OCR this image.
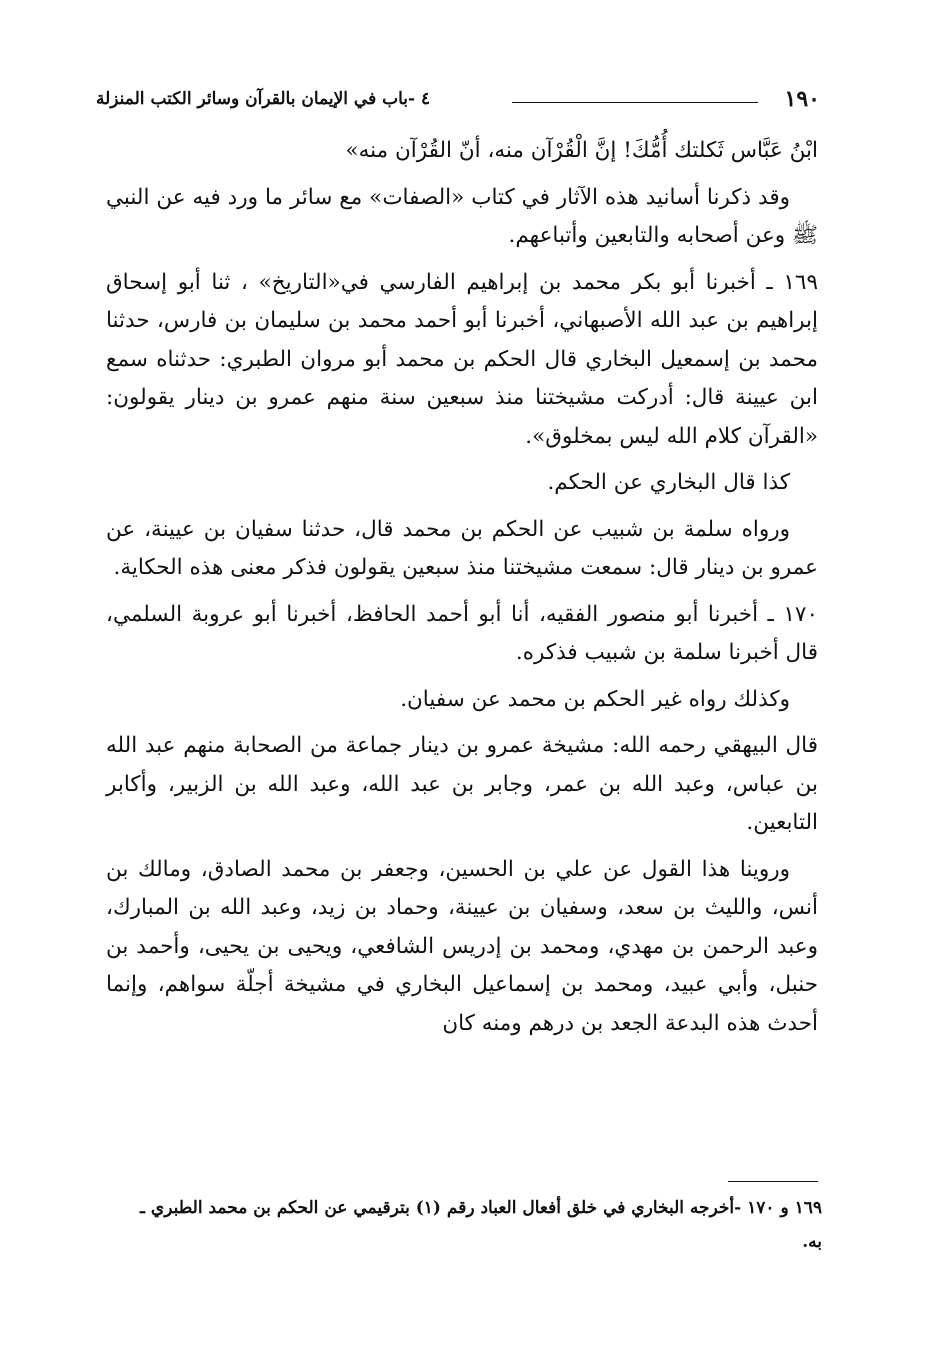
١٩٠
٤ -باب في الإيمان بالقرآن وسائر الكتب المنزلة

ابْنُ عَبَّاس ثَكلتك أُمُّكَ! إنَّ الْقُرْآن منه، أنّ القُرْآن منه»

وقد ذكرنا أسانيد هذه الآثار في كتاب «الصفات» مع سائر ما ورد فيه عن النبي ﷺ وعن أصحابه والتابعين وأتباعهم.

١٦٩ ـ أخبرنا أبو بكر محمد بن إبراهيم الفارسي في«التاريخ» ، ثنا أبو إسحاق إبراهيم بن عبد الله الأصبهاني، أخبرنا أبو أحمد محمد بن سليمان بن فارس، حدثنا محمد بن إسمعيل البخاري قال الحكم بن محمد أبو مروان الطبري: حدثناه سمع ابن عيينة قال: أدركت مشيختنا منذ سبعين سنة منهم عمرو بن دينار يقولون: «القرآن كلام الله ليس بمخلوق».

كذا قال البخاري عن الحكم.

ورواه سلمة بن شبيب عن الحكم بن محمد قال، حدثنا سفيان بن عيينة، عن عمرو بن دينار قال: سمعت مشيختنا منذ سبعين يقولون فذكر معنى هذه الحكاية.

١٧٠ ـ أخبرنا أبو منصور الفقيه، أنا أبو أحمد الحافظ، أخبرنا أبو عروبة السلمي، قال أخبرنا سلمة بن شبيب فذكره.

وكذلك رواه غير الحكم بن محمد عن سفيان.

قال البيهقي رحمه الله: مشيخة عمرو بن دينار جماعة من الصحابة منهم عبد الله بن عباس، وعبد الله بن عمر، وجابر بن عبد الله، وعبد الله بن الزبير، وأكابر التابعين.

وروينا هذا القول عن علي بن الحسين، وجعفر بن محمد الصادق، ومالك بن أنس، والليث بن سعد، وسفيان بن عيينة، وحماد بن زيد، وعبد الله بن المبارك، وعبد الرحمن بن مهدي، ومحمد بن إدريس الشافعي، ويحيى بن يحيى، وأحمد بن حنبل، وأبي عبيد، ومحمد بن إسماعيل البخاري في مشيخة أجلّة سواهم، وإنما أحدث هذه البدعة الجعد بن درهم ومنه كان

١٦٩ و ١٧٠ -أخرجه البخاري في خلق أفعال العباد رقم (١) بترقيمي عن الحكم بن محمد الطبري ـ

به.
